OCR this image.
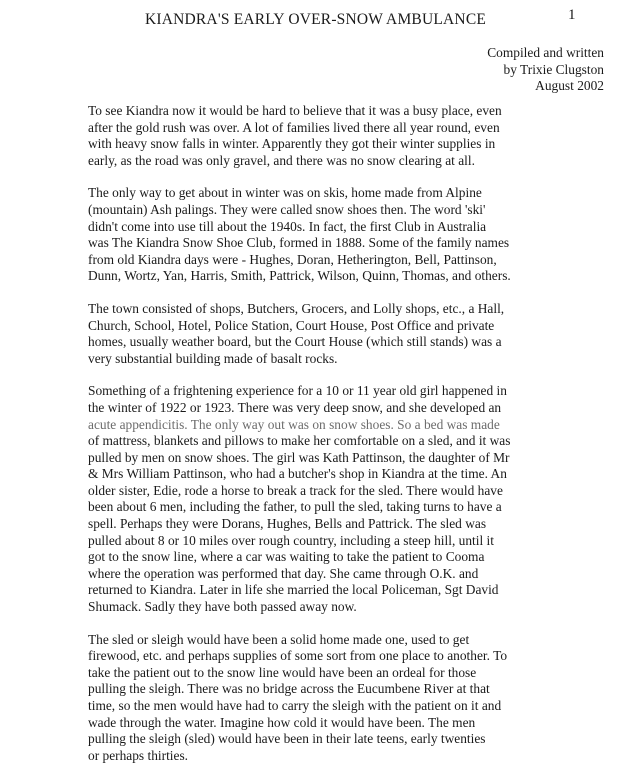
1
KIANDRA'S EARLY OVER-SNOW AMBULANCE
Compiled and written
by Trixie Clugston
August 2002

To see Kiandra now it would be hard to believe that it was a busy place, even
after the gold rush was over. A lot of families lived there all year round, even
with heavy snow falls in winter. Apparently they got their winter supplies in
early, as the road was only gravel, and there was no snow clearing at all.

The only way to get about in winter was on skis, home made from Alpine
(mountain) Ash palings. They were called snow shoes then. The word 'ski'
didn't come into use till about the 1940s. In fact, the first Club in Australia
was The Kiandra Snow Shoe Club, formed in 1888. Some of the family names
from old Kiandra days were - Hughes, Doran, Hetherington, Bell, Pattinson,
Dunn, Wortz, Yan, Harris, Smith, Pattrick, Wilson, Quinn, Thomas, and others.

The town consisted of shops, Butchers, Grocers, and Lolly shops, etc., a Hall,
Church, School, Hotel, Police Station, Court House, Post Office and private
homes, usually weather board, but the Court House (which still stands) was a
very substantial building made of basalt rocks.

Something of a frightening experience for a 10 or 11 year old girl happened in
the winter of 1922 or 1923. There was very deep snow, and she developed an
acute appendicitis. The only way out was on snow shoes. So a bed was made
of mattress, blankets and pillows to make her comfortable on a sled, and it was
pulled by men on snow shoes. The girl was Kath Pattinson, the daughter of Mr
& Mrs William Pattinson, who had a butcher's shop in Kiandra at the time. An
older sister, Edie, rode a horse to break a track for the sled. There would have
been about 6 men, including the father, to pull the sled, taking turns to have a
spell. Perhaps they were Dorans, Hughes, Bells and Pattrick. The sled was
pulled about 8 or 10 miles over rough country, including a steep hill, until it
got to the snow line, where a car was waiting to take the patient to Cooma
where the operation was performed that day. She came through O.K. and
returned to Kiandra. Later in life she married the local Policeman, Sgt David
Shumack. Sadly they have both passed away now.

The sled or sleigh would have been a solid home made one, used to get
firewood, etc. and perhaps supplies of some sort from one place to another. To
take the patient out to the snow line would have been an ordeal for those
pulling the sleigh. There was no bridge across the Eucumbene River at that
time, so the men would have had to carry the sleigh with the patient on it and
wade through the water. Imagine how cold it would have been. The men
pulling the sleigh (sled) would have been in their late teens, early twenties
or perhaps thirties.
